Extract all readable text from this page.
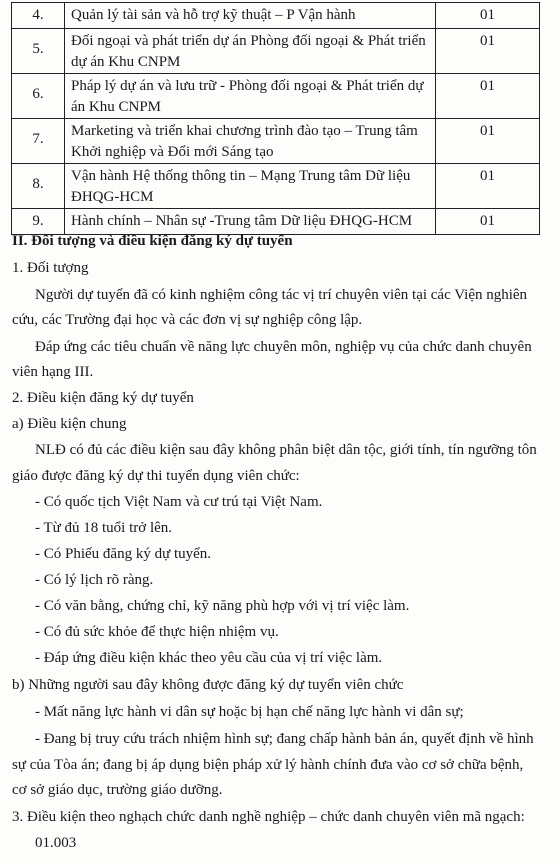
4.	Quản lý tài sản và hỗ trợ kỹ thuật – P Vận hành	01
5.	Đối ngoại và phát triển dự án Phòng đối ngoại & Phát triển
dự án Khu CNPM	01
6.	Pháp lý dự án và lưu trữ - Phòng đối ngoại & Phát triển dự
án Khu CNPM	01
7.	Marketing và triển khai chương trình đào tạo – Trung tâm
Khởi nghiệp và Đổi mới Sáng tạo	01
8.	Vận hành Hệ thống thông tin – Mạng Trung tâm Dữ liệu
ĐHQG-HCM	01
9.	Hành chính – Nhân sự -Trung tâm Dữ liệu ĐHQG-HCM	01
II. Đối tượng và điều kiện đăng ký dự tuyển
1. Đối tượng
Người dự tuyển đã có kinh nghiệm công tác vị trí chuyên viên tại các Viện nghiên
cứu, các Trường đại học và các đơn vị sự nghiệp công lập.
Đáp ứng các tiêu chuẩn về năng lực chuyên môn, nghiệp vụ của chức danh chuyên
viên hạng III.
2. Điều kiện đăng ký dự tuyển
a) Điều kiện chung
NLĐ có đủ các điều kiện sau đây không phân biệt dân tộc, giới tính, tín ngưỡng tôn
giáo được đăng ký dự thi tuyển dụng viên chức:
- Có quốc tịch Việt Nam và cư trú tại Việt Nam.
- Từ đủ 18 tuổi trở lên.
- Có Phiếu đăng ký dự tuyển.
- Có lý lịch rõ ràng.
- Có văn bằng, chứng chỉ, kỹ năng phù hợp với vị trí việc làm.
- Có đủ sức khỏe để thực hiện nhiệm vụ.
- Đáp ứng điều kiện khác theo yêu cầu của vị trí việc làm.
b) Những người sau đây không được đăng ký dự tuyển viên chức
- Mất năng lực hành vi dân sự hoặc bị hạn chế năng lực hành vi dân sự;
- Đang bị truy cứu trách nhiệm hình sự; đang chấp hành bản án, quyết định về hình
sự của Tòa án; đang bị áp dụng biện pháp xử lý hành chính đưa vào cơ sở chữa bệnh,
cơ sở giáo dục, trường giáo dưỡng.
3. Điều kiện theo nghạch chức danh nghề nghiệp – chức danh chuyên viên mã ngạch:
01.003
